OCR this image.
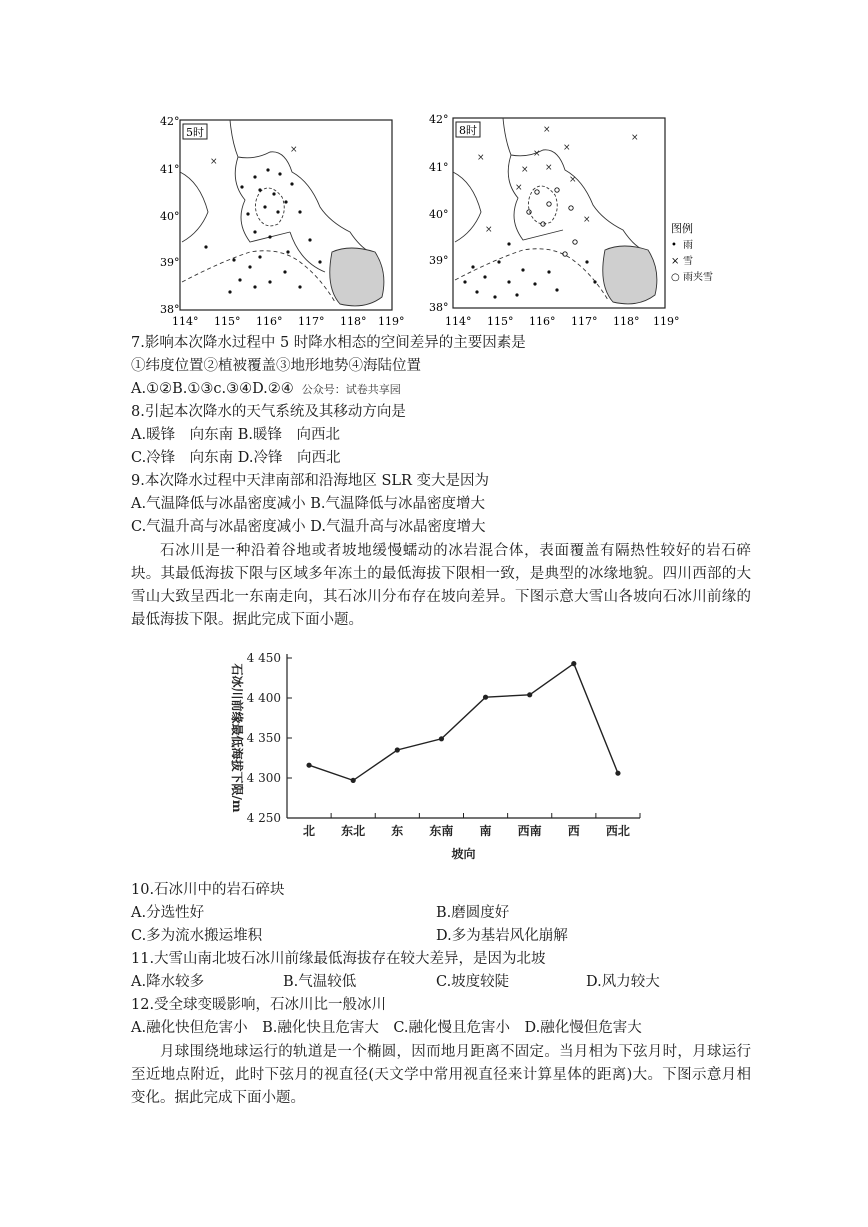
42°
41°
40°
39°
38°
114° 115° 116° 117° 118° 119°
5时
×
×
42°
41°
40°
39°
38°
114° 115° 116° 117° 118° 119°
8时
×
×
×
× ×
×
×
×
×
×
×
图例
• 雨
× 雪
○ 雨夹雪
7.影响本次降水过程中 5 时降水相态的空间差异的主要因素是
①纬度位置②植被覆盖③地形地势④海陆位置
A.①②B.①③c.③④D.②④ 公众号：试卷共享园
8.引起本次降水的天气系统及其移动方向是
A.暖锋　向东南 B.暖锋　向西北
C.冷锋　向东南 D.冷锋　向西北
9.本次降水过程中天津南部和沿海地区 SLR 变大是因为
A.气温降低与冰晶密度减小 B.气温降低与冰晶密度增大
C.气温升高与冰晶密度减小 D.气温升高与冰晶密度增大
石冰川是一种沿着谷地或者坡地缓慢蠕动的冰岩混合体，表面覆盖有隔热性较好的岩石碎块。其最低海拔下限与区域多年冻土的最低海拔下限相一致，是典型的冰缘地貌。四川西部的大雪山大致呈西北一东南走向，其石冰川分布存在坡向差异。下图示意大雪山各坡向石冰川前缘的最低海拔下限。据此完成下面小题。
4 450
4 400
4 350
4 300
4 250
北 东北 东 东南 南 西南 西 西北
坡向
石冰川前缘最低海拔下限/m
10.石冰川中的岩石碎块
A.分选性好	B.磨圆度好
C.多为流水搬运堆积	D.多为基岩风化崩解
11.大雪山南北坡石冰川前缘最低海拔存在较大差异，是因为北坡
A.降水较多	B.气温较低	C.坡度较陡	D.风力较大
12.受全球变暖影响，石冰川比一般冰川
A.融化快但危害小　B.融化快且危害大　C.融化慢且危害小　D.融化慢但危害大
月球围绕地球运行的轨道是一个椭圆，因而地月距离不固定。当月相为下弦月时，月球运行至近地点附近，此时下弦月的视直径(天文学中常用视直径来计算星体的距离)大。下图示意月相变化。据此完成下面小题。
